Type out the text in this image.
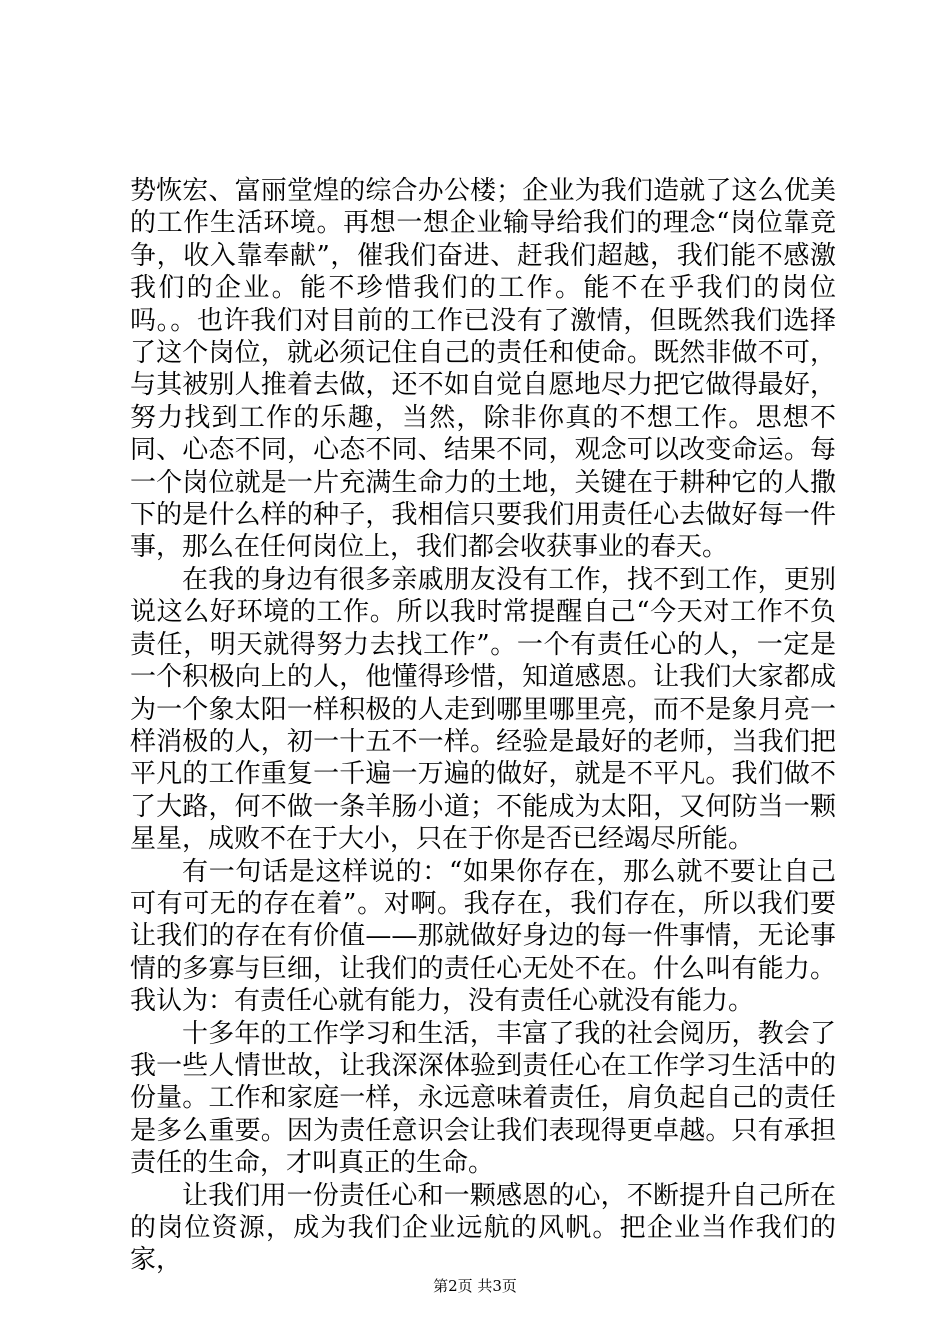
势恢宏、富丽堂煌的综合办公楼；企业为我们造就了这么优美的工作生活环境。再想一想企业输导给我们的理念“岗位靠竞争，收入靠奉献”，催我们奋进、赶我们超越，我们能不感激我们的企业。能不珍惜我们的工作。能不在乎我们的岗位吗。。也许我们对目前的工作已没有了激情，但既然我们选择了这个岗位，就必须记住自己的责任和使命。既然非做不可，与其被别人推着去做，还不如自觉自愿地尽力把它做得最好，努力找到工作的乐趣，当然，除非你真的不想工作。思想不同、心态不同，心态不同、结果不同，观念可以改变命运。每一个岗位就是一片充满生命力的土地，关键在于耕种它的人撒下的是什么样的种子，我相信只要我们用责任心去做好每一件事，那么在任何岗位上，我们都会收获事业的春天。

在我的身边有很多亲戚朋友没有工作，找不到工作，更别说这么好环境的工作。所以我时常提醒自己“今天对工作不负责任，明天就得努力去找工作”。一个有责任心的人，一定是一个积极向上的人，他懂得珍惜，知道感恩。让我们大家都成为一个象太阳一样积极的人走到哪里哪里亮，而不是象月亮一样消极的人，初一十五不一样。经验是最好的老师，当我们把平凡的工作重复一千遍一万遍的做好，就是不平凡。我们做不了大路，何不做一条羊肠小道；不能成为太阳，又何防当一颗星星，成败不在于大小，只在于你是否已经竭尽所能。

有一句话是这样说的：“如果你存在，那么就不要让自己可有可无的存在着”。对啊。我存在，我们存在，所以我们要让我们的存在有价值——那就做好身边的每一件事情，无论事情的多寡与巨细，让我们的责任心无处不在。什么叫有能力。我认为：有责任心就有能力，没有责任心就没有能力。

十多年的工作学习和生活，丰富了我的社会阅历，教会了我一些人情世故，让我深深体验到责任心在工作学习生活中的份量。工作和家庭一样，永远意味着责任，肩负起自己的责任是多么重要。因为责任意识会让我们表现得更卓越。只有承担责任的生命，才叫真正的生命。

让我们用一份责任心和一颗感恩的心，不断提升自己所在的岗位资源，成为我们企业远航的风帆。把企业当作我们的家，

第2页 共3页
